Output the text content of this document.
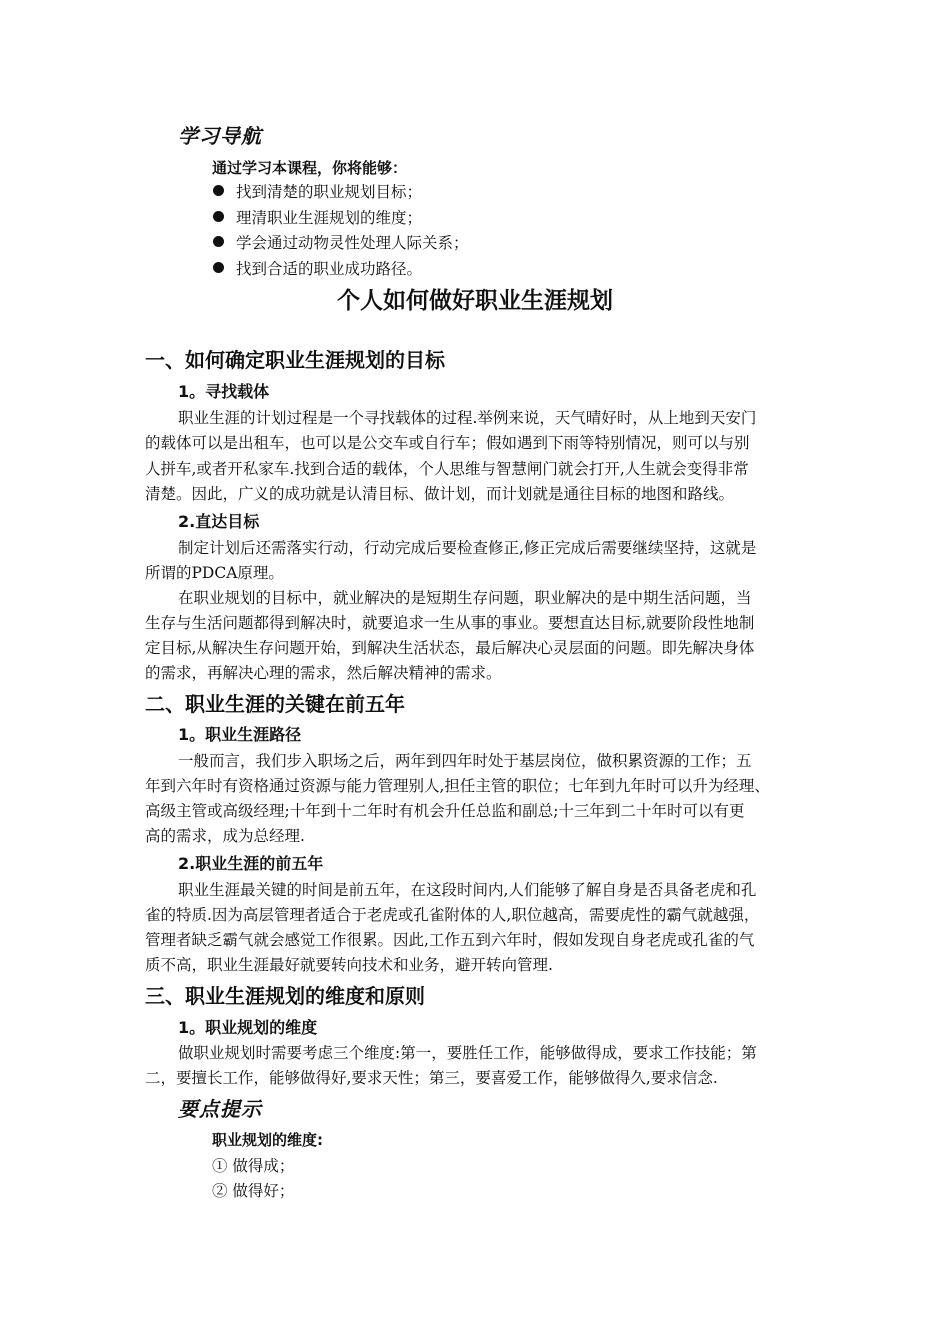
学习导航
通过学习本课程，你将能够：
找到清楚的职业规划目标；
理清职业生涯规划的维度；
学会通过动物灵性处理人际关系；
找到合适的职业成功路径。
个人如何做好职业生涯规划
一、如何确定职业生涯规划的目标
1。寻找载体
职业生涯的计划过程是一个寻找载体的过程.举例来说，天气晴好时，从上地到天安门
的载体可以是出租车，也可以是公交车或自行车；假如遇到下雨等特别情况，则可以与别
人拼车,或者开私家车.找到合适的载体，个人思维与智慧闸门就会打开,人生就会变得非常
清楚。因此，广义的成功就是认清目标、做计划，而计划就是通往目标的地图和路线。
2.直达目标
制定计划后还需落实行动，行动完成后要检查修正,修正完成后需要继续坚持，这就是
所谓的PDCA原理。
在职业规划的目标中，就业解决的是短期生存问题，职业解决的是中期生活问题，当
生存与生活问题都得到解决时，就要追求一生从事的事业。要想直达目标,就要阶段性地制
定目标,从解决生存问题开始，到解决生活状态，最后解决心灵层面的问题。即先解决身体
的需求，再解决心理的需求，然后解决精神的需求。
二、职业生涯的关键在前五年
1。职业生涯路径
一般而言，我们步入职场之后，两年到四年时处于基层岗位，做积累资源的工作；五
年到六年时有资格通过资源与能力管理别人,担任主管的职位；七年到九年时可以升为经理、
高级主管或高级经理;十年到十二年时有机会升任总监和副总;十三年到二十年时可以有更
高的需求，成为总经理.
2.职业生涯的前五年
职业生涯最关键的时间是前五年，在这段时间内,人们能够了解自身是否具备老虎和孔
雀的特质.因为高层管理者适合于老虎或孔雀附体的人,职位越高，需要虎性的霸气就越强，
管理者缺乏霸气就会感觉工作很累。因此,工作五到六年时，假如发现自身老虎或孔雀的气
质不高，职业生涯最好就要转向技术和业务，避开转向管理.
三、职业生涯规划的维度和原则
1。职业规划的维度
做职业规划时需要考虑三个维度:第一，要胜任工作，能够做得成，要求工作技能；第
二，要擅长工作，能够做得好,要求天性；第三，要喜爱工作，能够做得久,要求信念.
要点提示
职业规划的维度:
① 做得成；
② 做得好；
